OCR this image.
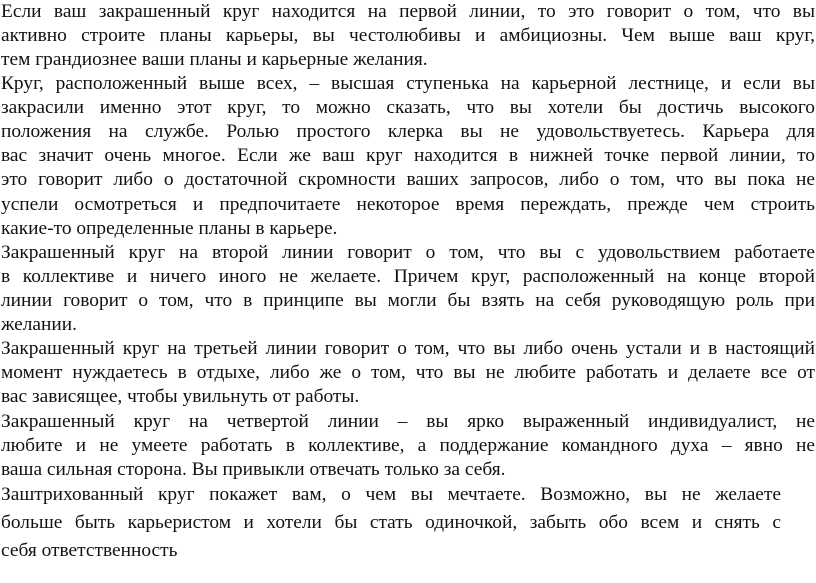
Если ваш закрашенный круг находится на первой линии, то это говорит о том, что вы
активно строите планы карьеры, вы честолюбивы и амбициозны. Чем выше ваш круг,
тем грандиознее ваши планы и карьерные желания.
Круг, расположенный выше всех, – высшая ступенька на карьерной лестнице, и если вы
закрасили именно этот круг, то можно сказать, что вы хотели бы достичь высокого
положения на службе. Ролью простого клерка вы не удовольствуетесь. Карьера для
вас значит очень многое. Если же ваш круг находится в нижней точке первой линии, то
это говорит либо о достаточной скромности ваших запросов, либо о том, что вы пока не
успели осмотреться и предпочитаете некоторое время переждать, прежде чем строить
какие-то определенные планы в карьере.
Закрашенный круг на второй линии говорит о том, что вы с удовольствием работаете
в коллективе и ничего иного не желаете. Причем круг, расположенный на конце второй
линии говорит о том, что в принципе вы могли бы взять на себя руководящую роль при
желании.
Закрашенный круг на третьей линии говорит о том, что вы либо очень устали и в настоящий
момент нуждаетесь в отдыхе, либо же о том, что вы не любите работать и делаете все от
вас зависящее, чтобы увильнуть от работы.
Закрашенный круг на четвертой линии – вы ярко выраженный индивидуалист, не
любите и не умеете работать в коллективе, а поддержание командного духа – явно не
ваша сильная сторона. Вы привыкли отвечать только за себя.
Заштрихованный круг покажет вам, о чем вы мечтаете. Возможно, вы не желаете
больше быть карьеристом и хотели бы стать одиночкой, забыть обо всем и снять с
себя ответственность
